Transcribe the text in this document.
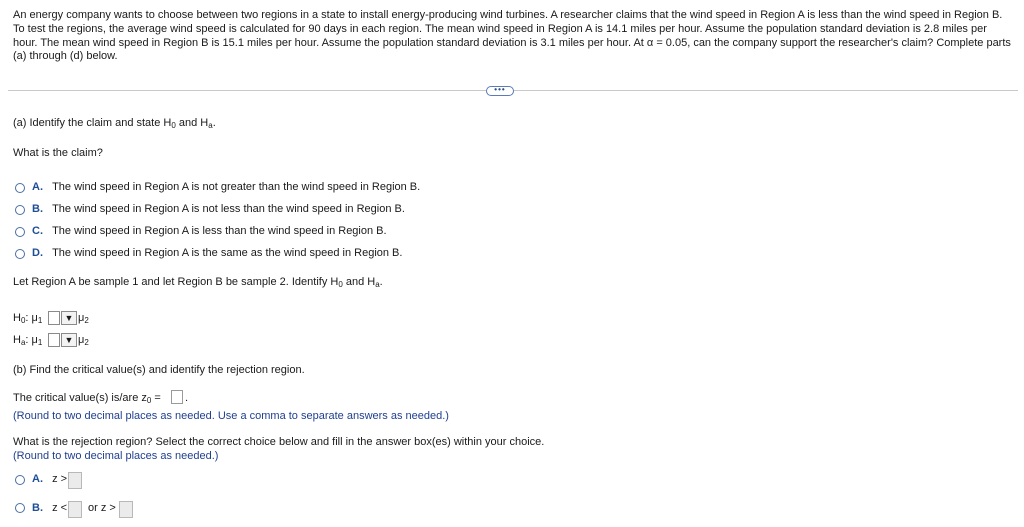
An energy company wants to choose between two regions in a state to install energy-producing wind turbines. A researcher claims that the wind speed in Region A is less than the wind speed in Region B. To test the regions, the average wind speed is calculated for 90 days in each region. The mean wind speed in Region A is 14.1 miles per hour. Assume the population standard deviation is 2.8 miles per hour. The mean wind speed in Region B is 15.1 miles per hour. Assume the population standard deviation is 3.1 miles per hour. At α = 0.05, can the company support the researcher's claim? Complete parts (a) through (d) below.
•••
(a) Identify the claim and state $H_0$ and $H_a$.
What is the claim?
A. The wind speed in Region A is not greater than the wind speed in Region B.
B. The wind speed in Region A is not less than the wind speed in Region B.
C. The wind speed in Region A is less than the wind speed in Region B.
D. The wind speed in Region A is the same as the wind speed in Region B.
Let Region A be sample 1 and let Region B be sample 2. Identify $H_0$ and $H_a$.
$H_0$: $\mu_1$	▼ $\mu_2$
$H_a$: $\mu_1$	▼ $\mu_2$
(b) Find the critical value(s) and identify the rejection region.
The critical value(s) is/are $z_0$ = .
(Round to two decimal places as needed. Use a comma to separate answers as needed.)
What is the rejection region? Select the correct choice below and fill in the answer box(es) within your choice.
(Round to two decimal places as needed.)
A. z >
B. z < or z >
